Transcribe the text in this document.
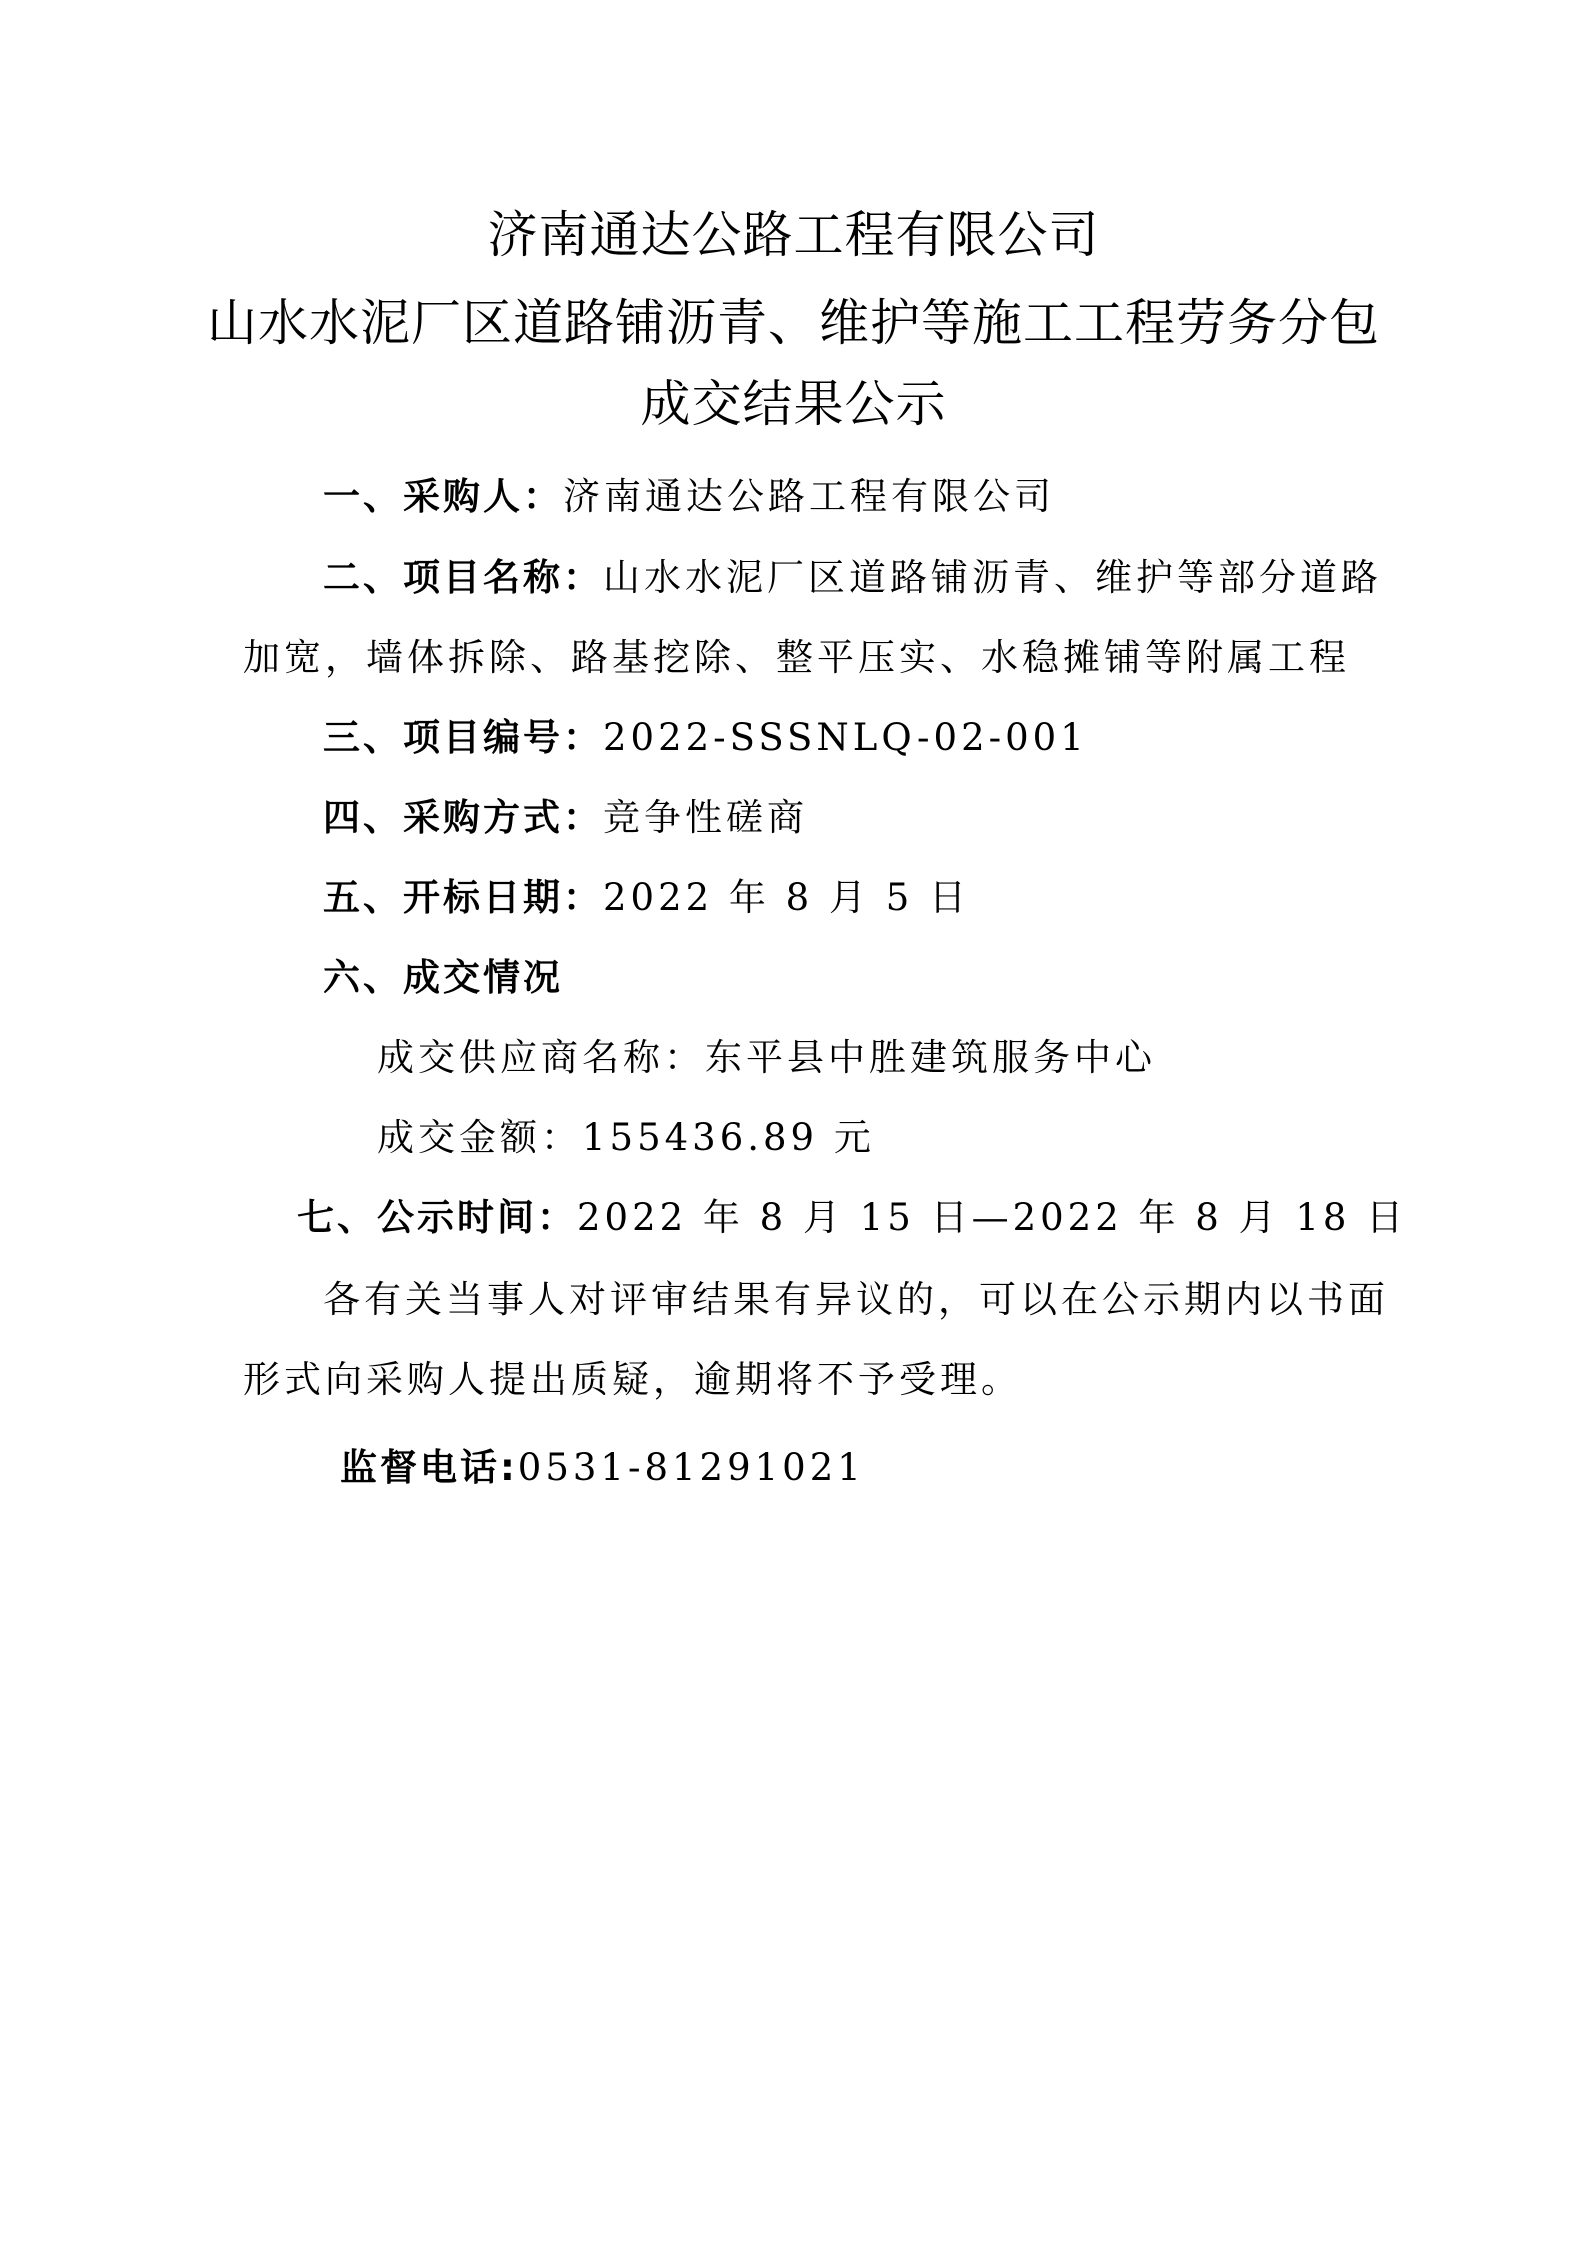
济南通达公路工程有限公司
山水水泥厂区道路铺沥青、维护等施工工程劳务分包
成交结果公示
一、采购人：济南通达公路工程有限公司
二、项目名称：山水水泥厂区道路铺沥青、维护等部分道路
加宽，墙体拆除、路基挖除、整平压实、水稳摊铺等附属工程
三、项目编号：2022-SSSNLQ-02-001
四、采购方式：竞争性磋商
五、开标日期：2022 年 8 月 5 日
六、成交情况
成交供应商名称：东平县中胜建筑服务中心
成交金额：155436.89 元
七、公示时间：2022 年 8 月 15 日—2022 年 8 月 18 日
各有关当事人对评审结果有异议的，可以在公示期内以书面
形式向采购人提出质疑，逾期将不予受理。
监督电话:0531-81291021
